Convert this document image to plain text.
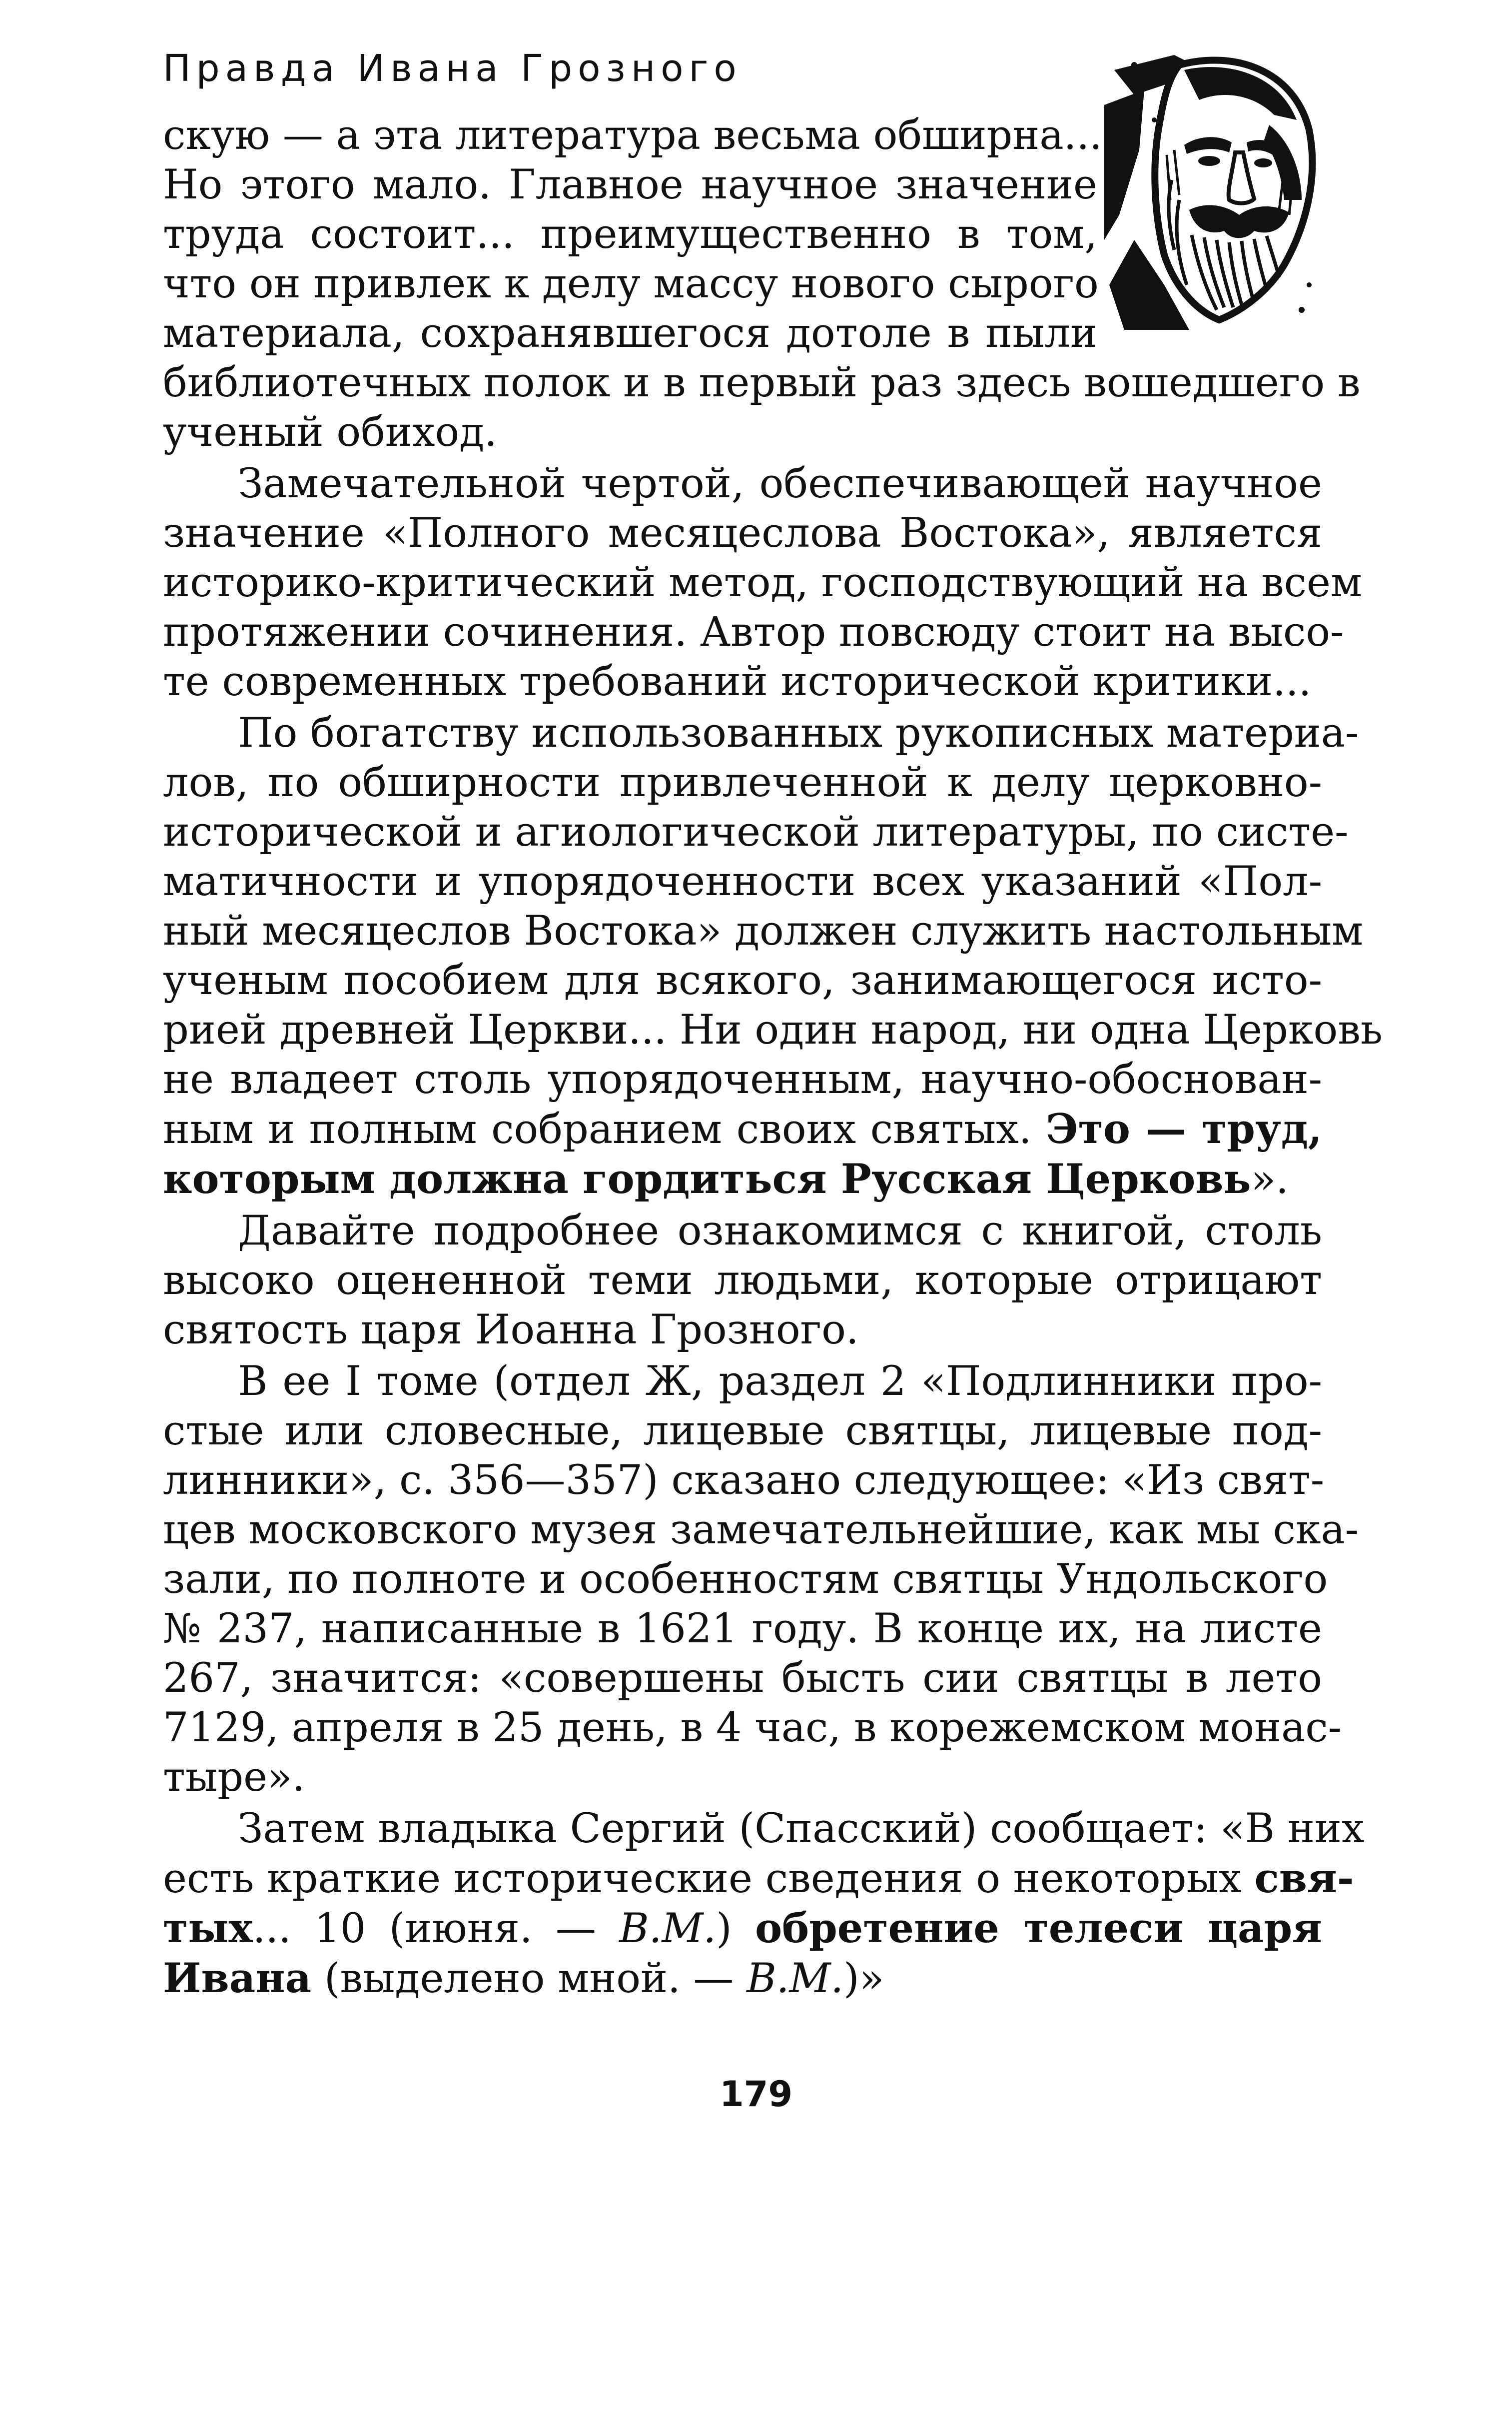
Правда Ивана Грозного
скую — а эта литература весьма обширна...
Но этого мало. Главное научное значение
труда состоит... преимущественно в том,
что он привлек к делу массу нового сырого
материала, сохранявшегося дотоле в пыли
библиотечных полок и в первый раз здесь вошедшего в
ученый обиход.
Замечательной чертой, обеспечивающей научное
значение «Полного месяцеслова Востока», является
историко-критический метод, господствующий на всем
протяжении сочинения. Автор повсюду стоит на высо-
те современных требований исторической критики...
По богатству использованных рукописных материа-
лов, по обширности привлеченной к делу церковно-
исторической и агиологической литературы, по систе-
матичности и упорядоченности всех указаний «Пол-
ный месяцеслов Востока» должен служить настольным
ученым пособием для всякого, занимающегося исто-
рией древней Церкви... Ни один народ, ни одна Церковь
не владеет столь упорядоченным, научно-обоснован-
ным и полным собранием своих святых. Это — труд,
которым должна гордиться Русская Церковь».
Давайте подробнее ознакомимся с книгой, столь
высоко оцененной теми людьми, которые отрицают
святость царя Иоанна Грозного.
В ее I томе (отдел Ж, раздел 2 «Подлинники про-
стые или словесные, лицевые святцы, лицевые под-
линники», с. 356—357) сказано следующее: «Из свят-
цев московского музея замечательнейшие, как мы ска-
зали, по полноте и особенностям святцы Ундольского
№ 237, написанные в 1621 году. В конце их, на листе
267, значится: «совершены бысть сии святцы в лето
7129, апреля в 25 день, в 4 час, в корежемском монас-
тыре».
Затем владыка Сергий (Спасский) сообщает: «В них
есть краткие исторические сведения о некоторых свя-
тых... 10 (июня. — В.М.) обретение телеси царя
Ивана (выделено мной. — В.М.)»
179
